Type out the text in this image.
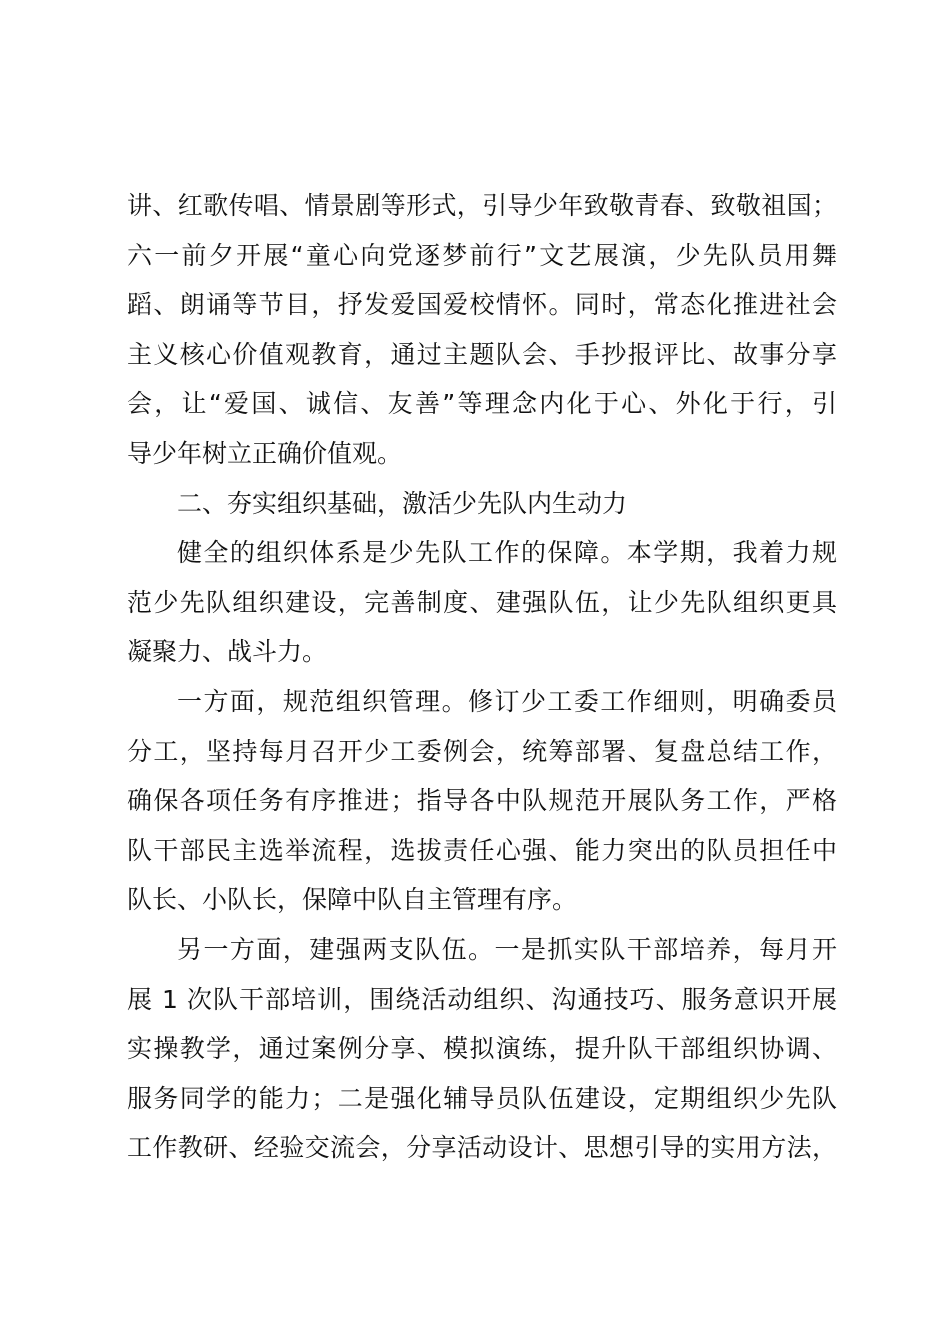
讲、红歌传唱、情景剧等形式，引导少年致敬青春、致敬祖国；
六一前夕开展“童心向党逐梦前行”文艺展演，少先队员用舞
蹈、朗诵等节目，抒发爱国爱校情怀。同时，常态化推进社会
主义核心价值观教育，通过主题队会、手抄报评比、故事分享
会，让“爱国、诚信、友善”等理念内化于心、外化于行，引
导少年树立正确价值观。
二、夯实组织基础，激活少先队内生动力
健全的组织体系是少先队工作的保障。本学期，我着力规
范少先队组织建设，完善制度、建强队伍，让少先队组织更具
凝聚力、战斗力。
一方面，规范组织管理。修订少工委工作细则，明确委员
分工，坚持每月召开少工委例会，统筹部署、复盘总结工作，
确保各项任务有序推进；指导各中队规范开展队务工作，严格
队干部民主选举流程，选拔责任心强、能力突出的队员担任中
队长、小队长，保障中队自主管理有序。
另一方面，建强两支队伍。一是抓实队干部培养，每月开
展 1 次队干部培训，围绕活动组织、沟通技巧、服务意识开展
实操教学，通过案例分享、模拟演练，提升队干部组织协调、
服务同学的能力；二是强化辅导员队伍建设，定期组织少先队
工作教研、经验交流会，分享活动设计、思想引导的实用方法，
